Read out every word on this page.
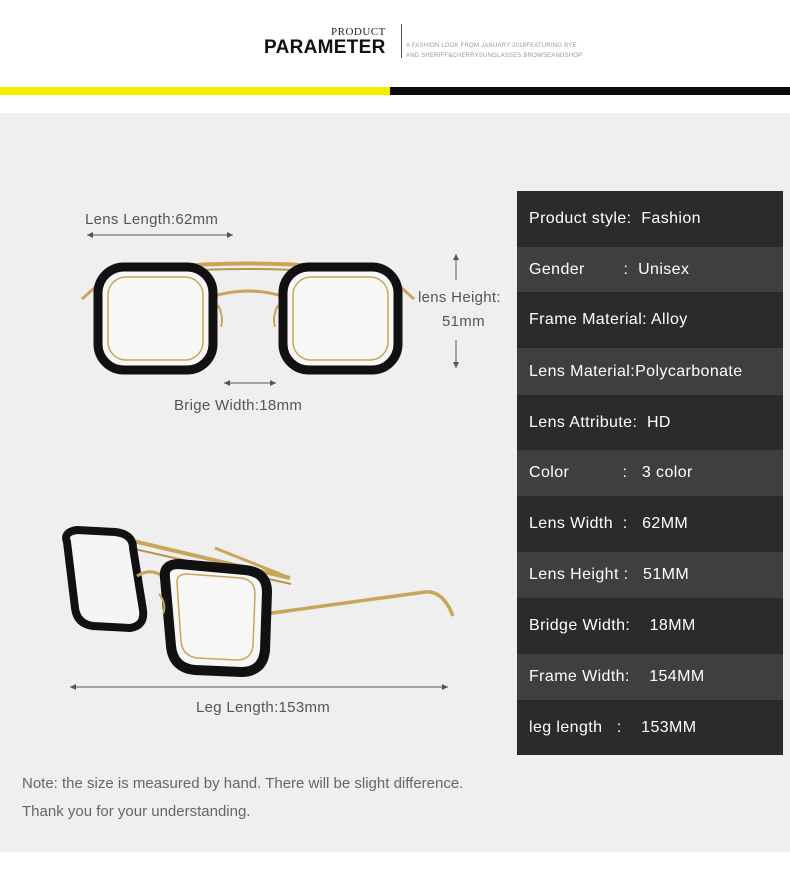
PRODUCT
PARAMETER	A FASHION LOOK FROM JANUARY 2018FEATURING BYE
AND SHERIFF&CHERRYSUNGLASSES.BROWSEANDSHOP
Lens Length:62mm
lens Height:
51mm
Brige Width:18mm
Leg Length:153mm
Product style:  Fashion
Gender        :  Unisex
Frame Material: Alloy
Lens Material:Polycarbonate
Lens Attribute:  HD
Color           :   3 color
Lens Width  :   62MM
Lens Height :   51MM
Bridge Width:    18MM
Frame Width:    154MM
leg length   :    153MM
Note: the size is measured by hand. There will be slight difference.
Thank you for your understanding.
